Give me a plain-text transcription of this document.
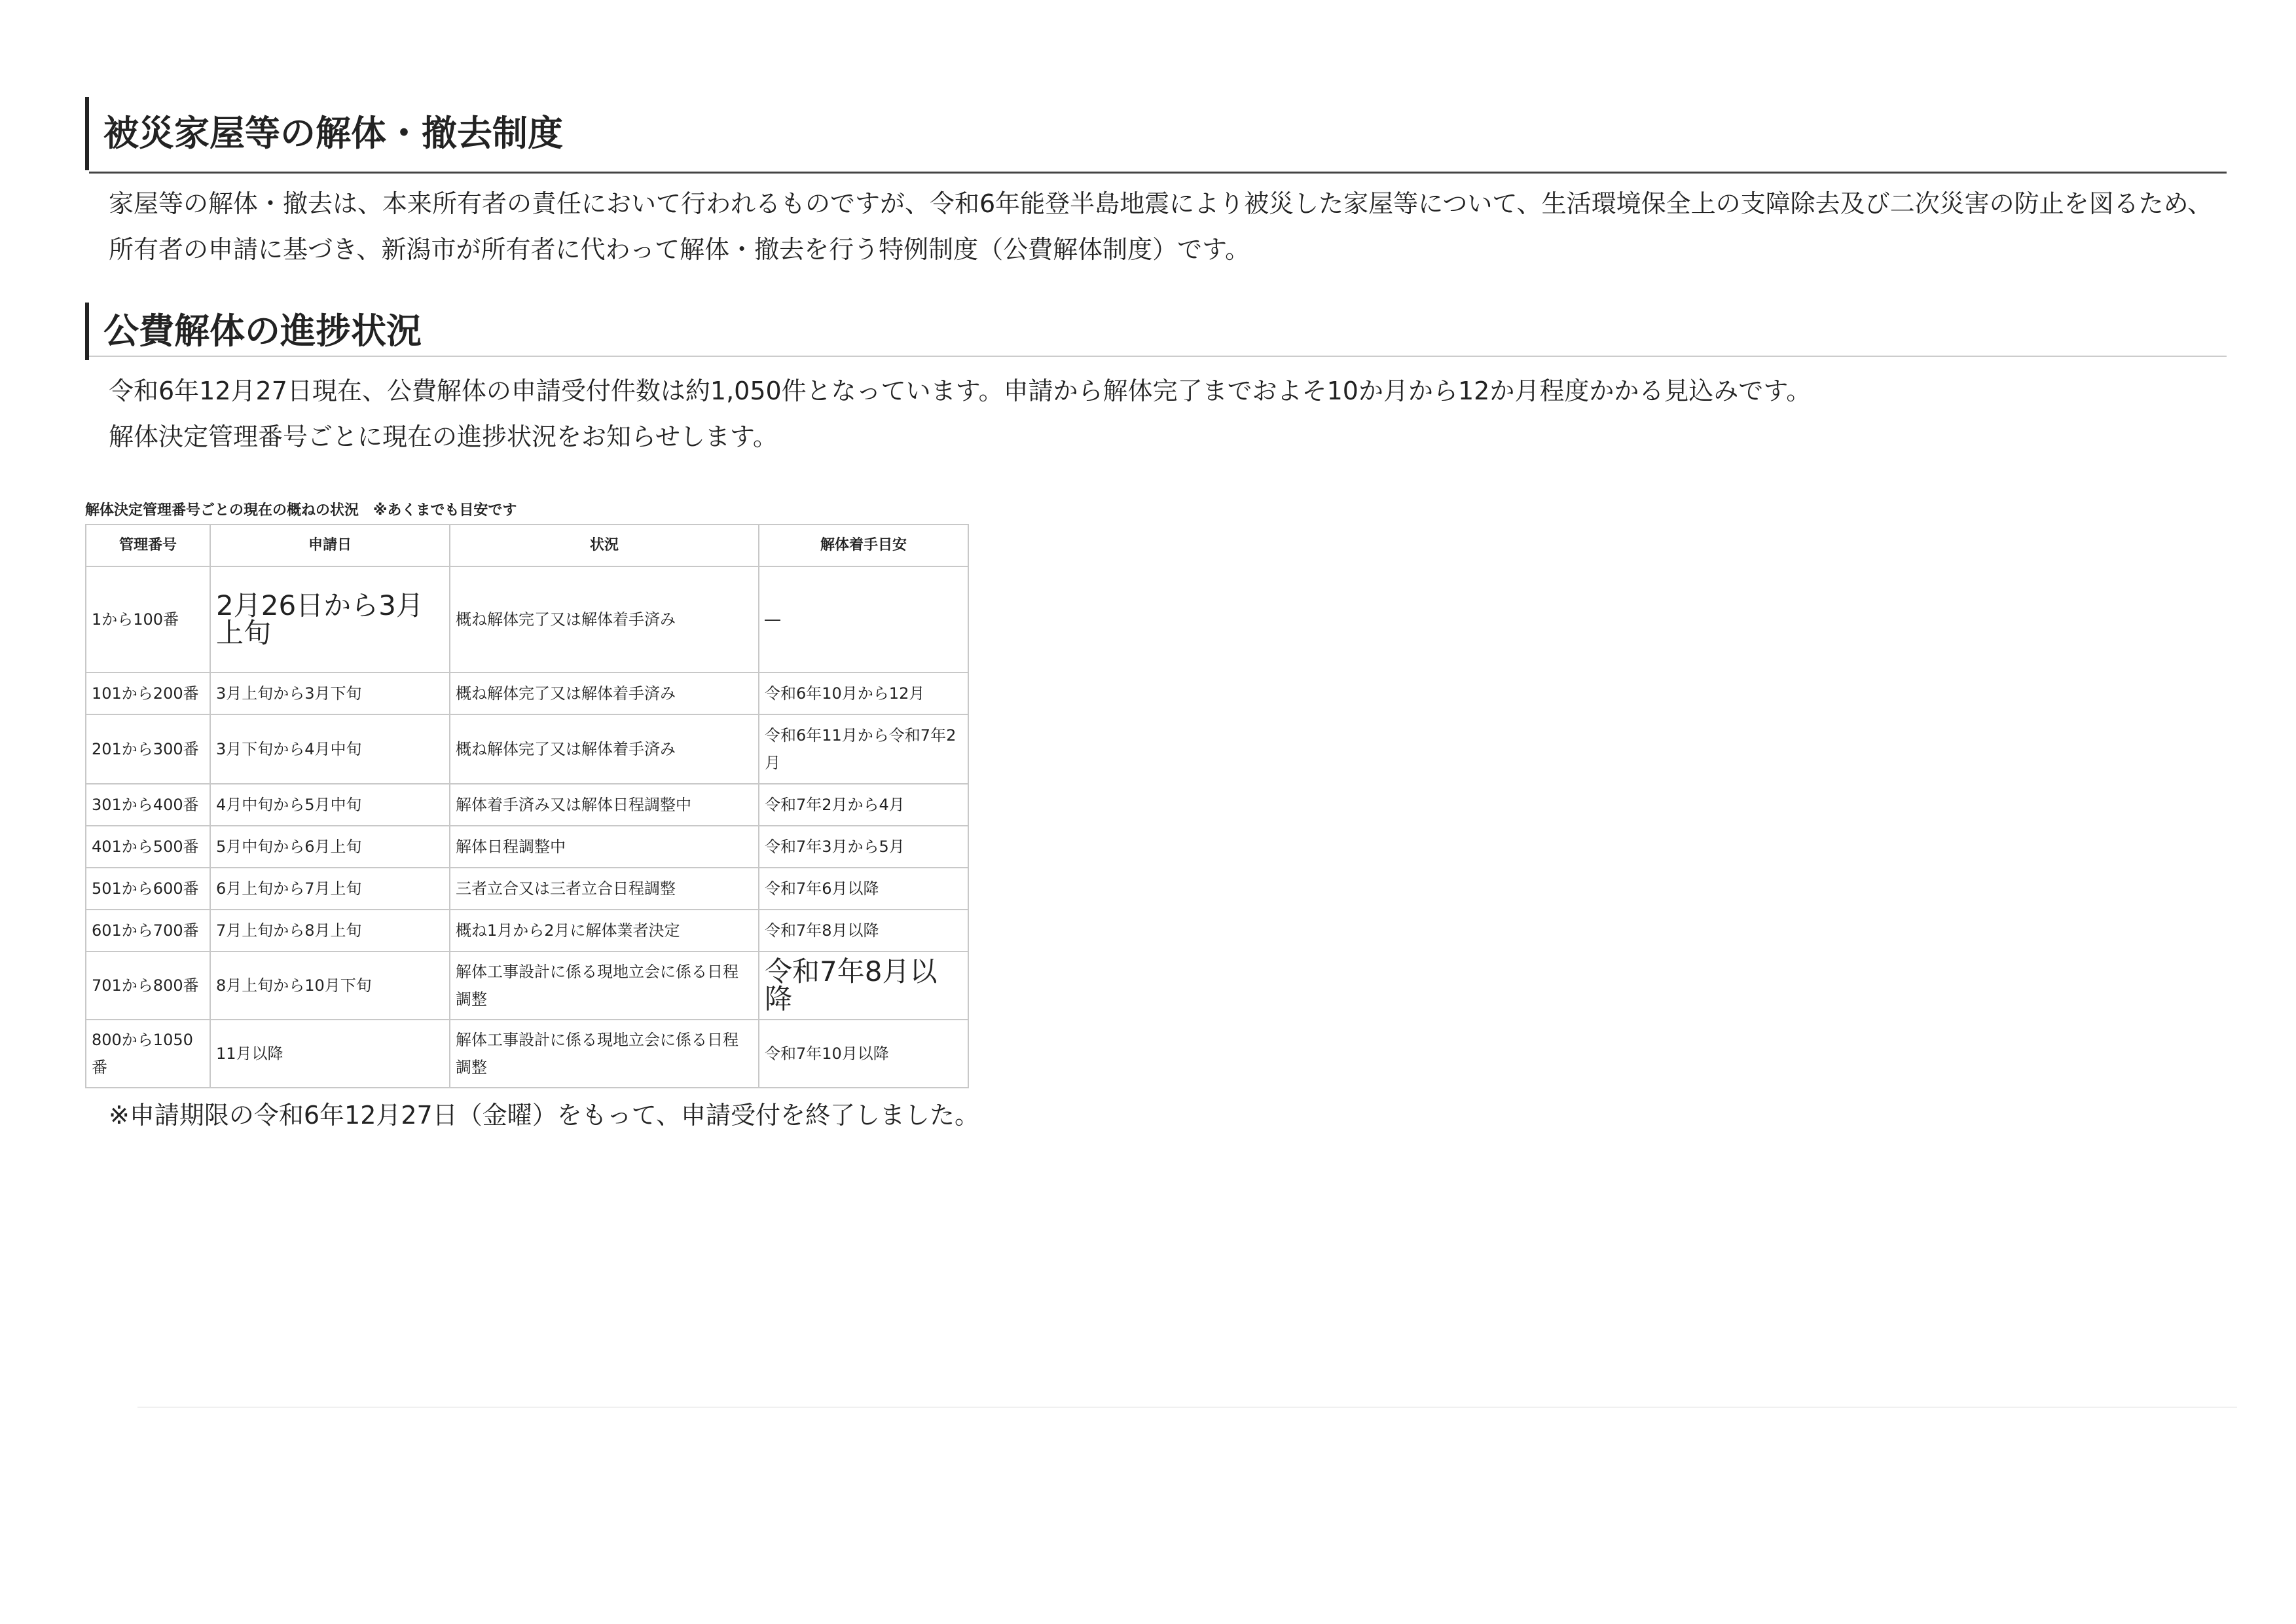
被災家屋等の解体・撤去制度

家屋等の解体・撤去は、本来所有者の責任において行われるものですが、令和6年能登半島地震により被災した家屋等について、生活環境保全上の支障除去及び二次災害の防止を図るため、所有者の申請に基づき、新潟市が所有者に代わって解体・撤去を行う特例制度（公費解体制度）です。

公費解体の進捗状況

令和6年12月27日現在、公費解体の申請受付件数は約1,050件となっています。申請から解体完了までおよそ10か月から12か月程度かかる見込みです。

解体決定管理番号ごとに現在の進捗状況をお知らせします。

解体決定管理番号ごとの現在の概ねの状況　※あくまでも目安です
管理番号	申請日	状況	解体着手目安
1から100番	2月26日から3月上旬	概ね解体完了又は解体着手済み	―
101から200番	3月上旬から3月下旬	概ね解体完了又は解体着手済み	令和6年10月から12月
201から300番	3月下旬から4月中旬	概ね解体完了又は解体着手済み	令和6年11月から令和7年2月
301から400番	4月中旬から5月中旬	解体着手済み又は解体日程調整中	令和7年2月から4月
401から500番	5月中旬から6月上旬	解体日程調整中	令和7年3月から5月
501から600番	6月上旬から7月上旬	三者立合又は三者立合日程調整	令和7年6月以降
601から700番	7月上旬から8月上旬	概ね1月から2月に解体業者決定	令和7年8月以降
701から800番	8月上旬から10月下旬	解体工事設計に係る現地立会に係る日程調整	令和7年8月以降
800から1050番	11月以降	解体工事設計に係る現地立会に係る日程調整	令和7年10月以降
※申請期限の令和6年12月27日（金曜）をもって、申請受付を終了しました。
